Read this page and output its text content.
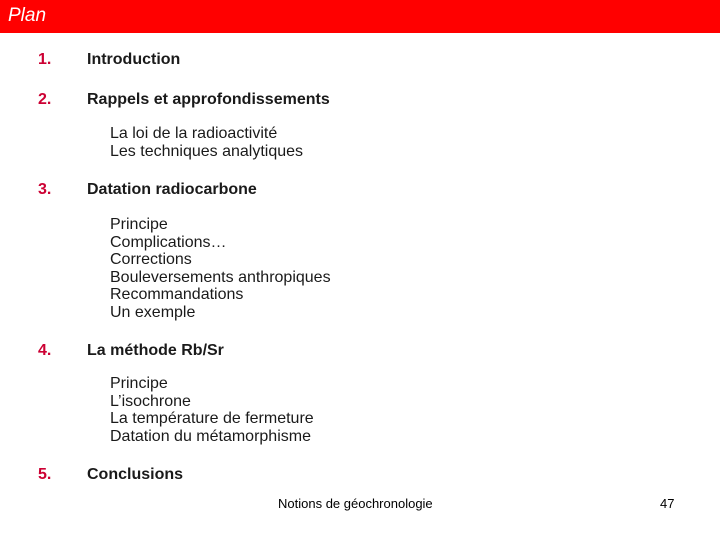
Plan
1. Introduction
2. Rappels et approfondissements
La loi de la radioactivité
Les techniques analytiques
3. Datation radiocarbone
Principe
Complications…
Corrections
Bouleversements anthropiques
Recommandations
Un exemple
4. La méthode Rb/Sr
Principe
L’isochrone
La température de fermeture
Datation du métamorphisme
5. Conclusions
Notions de géochronologie	47
